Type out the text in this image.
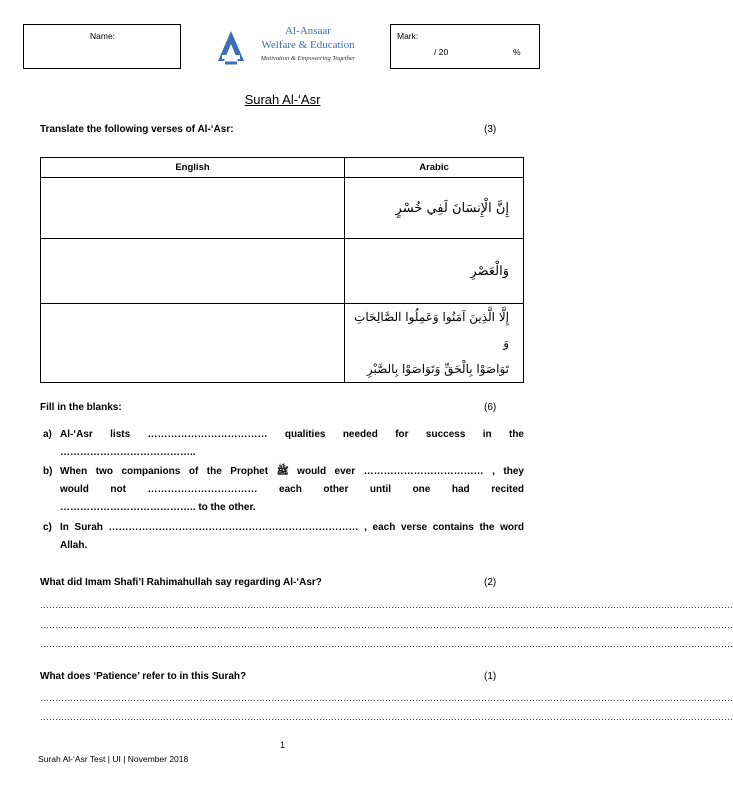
Name:	Al-Ansaar
Welfare & Education
Motivation & Empowering Together
Mark:
/ 20	%
Surah Al-‘Asr
Translate the following verses of Al-‘Asr:	(3)
English	Arabic
	إِنَّ الْإِنسَانَ لَفِي خُسْرٍ
	وَالْعَصْرِ

	إِلَّا الَّذِينَ آمَنُوا وَعَمِلُوا الصَّالِحَاتِ وَ
تَوَاصَوْا بِالْحَقِّ وَتَوَاصَوْا بِالصَّبْرِ
Fill in the blanks:	(6)
a) Al-‘Asr lists ……………………………… qualities needed for success in the
…………………………………..
b) When two companions of the Prophet ﷺ would ever ……………………………… , they
would not …………………………… each other until one had recited
………………………………….. to the other.
c) In Surah ………………………………………………………………… , each verse contains the word
Allah.
What did Imam Shafi’I Rahimahullah say regarding Al-‘Asr?	(2)
……………………………………………………………………………………………………………………………………………………………………………………………………………
……………………………………………………………………………………………………………………………………………………………………………………………………………
……………………………………………………………………………………………………………………………………………………………………………………………………………
What does ‘Patience’ refer to in this Surah?	(1)
……………………………………………………………………………………………………………………………………………………………………………………………………………
……………………………………………………………………………………………………………………………………………………………………………………………………………
1
Surah Al-‘Asr Test | UI | November 2018
